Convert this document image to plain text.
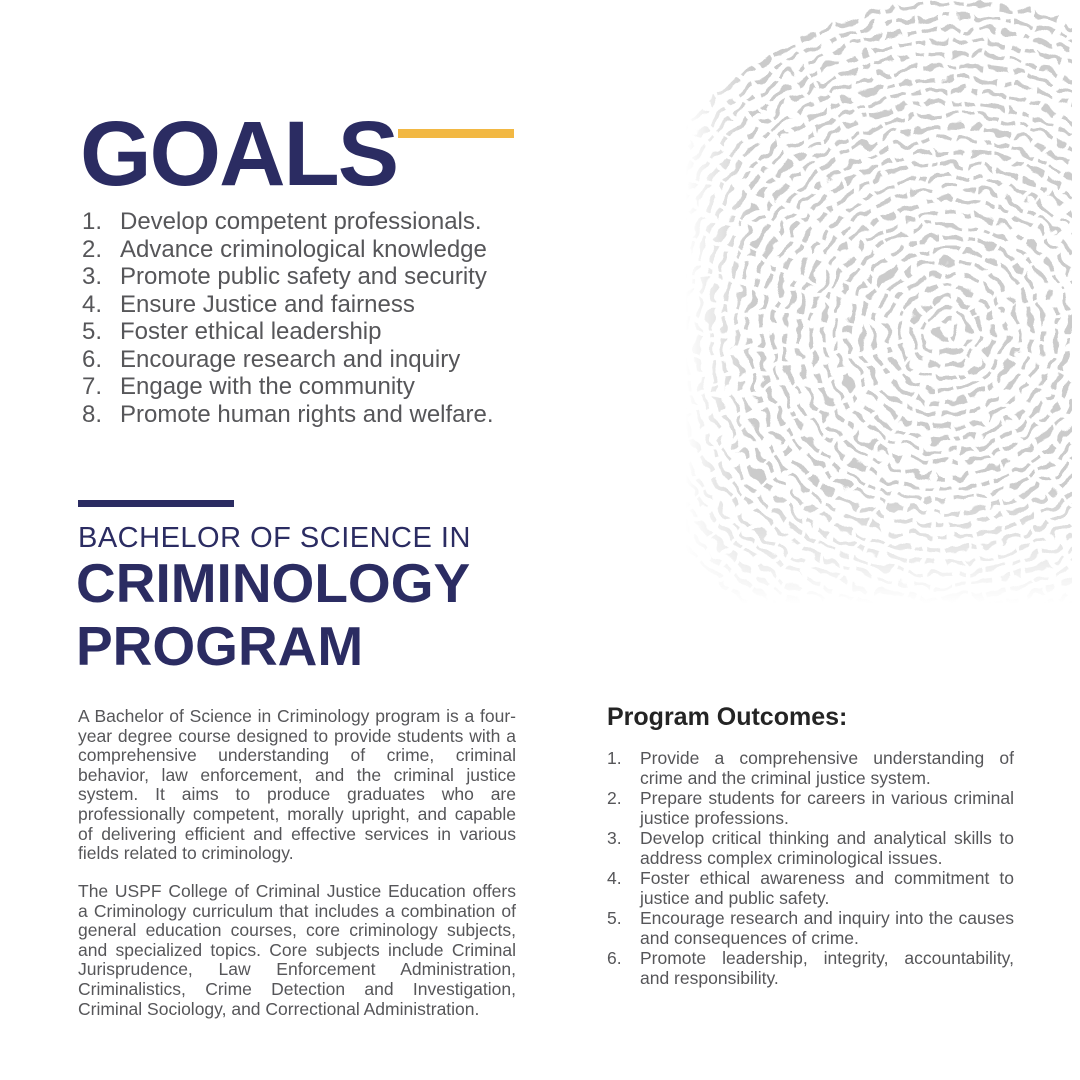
GOALS
Develop competent professionals.
Advance criminological knowledge
Promote public safety and security
Ensure Justice and fairness
Foster ethical leadership
Encourage research and inquiry
Engage with the community
Promote human rights and welfare.

BACHELOR OF SCIENCE IN

CRIMINOLOGY
PROGRAM

A Bachelor of Science in Criminology program is a four-year degree course designed to provide students with a comprehensive understanding of crime, criminal behavior, law enforcement, and the criminal justice system. It aims to produce graduates who are professionally competent, morally upright, and capable of delivering efficient and effective services in various fields related to criminology.

The USPF College of Criminal Justice Education offers a Criminology curriculum that includes a combination of general education courses, core criminology subjects, and specialized topics. Core subjects include Criminal Jurisprudence, Law Enforcement Administration, Criminalistics, Crime Detection and Investigation, Criminal Sociology, and Correctional Administration.

Program Outcomes:
Provide a comprehensive understanding of crime and the criminal justice system.
Prepare students for careers in various criminal justice professions.
Develop critical thinking and analytical skills to address complex criminological issues.
Foster ethical awareness and commitment to justice and public safety.
Encourage research and inquiry into the causes and consequences of crime.
Promote leadership, integrity, accountability, and responsibility.
